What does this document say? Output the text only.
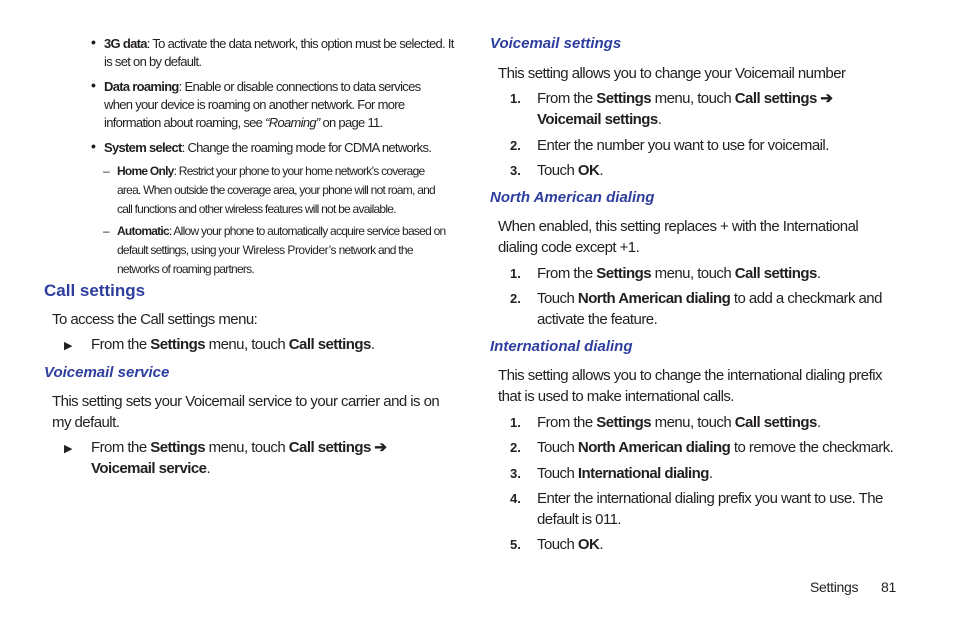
• 3G data: To activate the data network, this option must be selected. It is set on by default.
• Data roaming: Enable or disable connections to data services when your device is roaming on another network. For more information about roaming, see “Roaming” on page 11.
• System select: Change the roaming mode for CDMA networks.
– Home Only: Restrict your phone to your home network’s coverage area. When outside the coverage area, your phone will not roam, and call functions and other wireless features will not be available.
– Automatic: Allow your phone to automatically acquire service based on default settings, using your Wireless Provider’s network and the networks of roaming partners.
Call settings
To access the Call settings menu:
▶ From the Settings menu, touch Call settings.
Voicemail service
This setting sets your Voicemail service to your carrier and is on my default.
▶ From the Settings menu, touch Call settings ➔ Voicemail service.
Voicemail settings
This setting allows you to change your Voicemail number
1. From the Settings menu, touch Call settings ➔ Voicemail settings.
2. Enter the number you want to use for voicemail.
3. Touch OK.
North American dialing
When enabled, this setting replaces + with the International dialing code except +1.
1. From the Settings menu, touch Call settings.
2. Touch North American dialing to add a checkmark and activate the feature.
International dialing
This setting allows you to change the international dialing prefix that is used to make international calls.
1. From the Settings menu, touch Call settings.
2. Touch North American dialing to remove the checkmark.
3. Touch International dialing.
4. Enter the international dialing prefix you want to use. The default is 011.
5. Touch OK.
Settings 81
